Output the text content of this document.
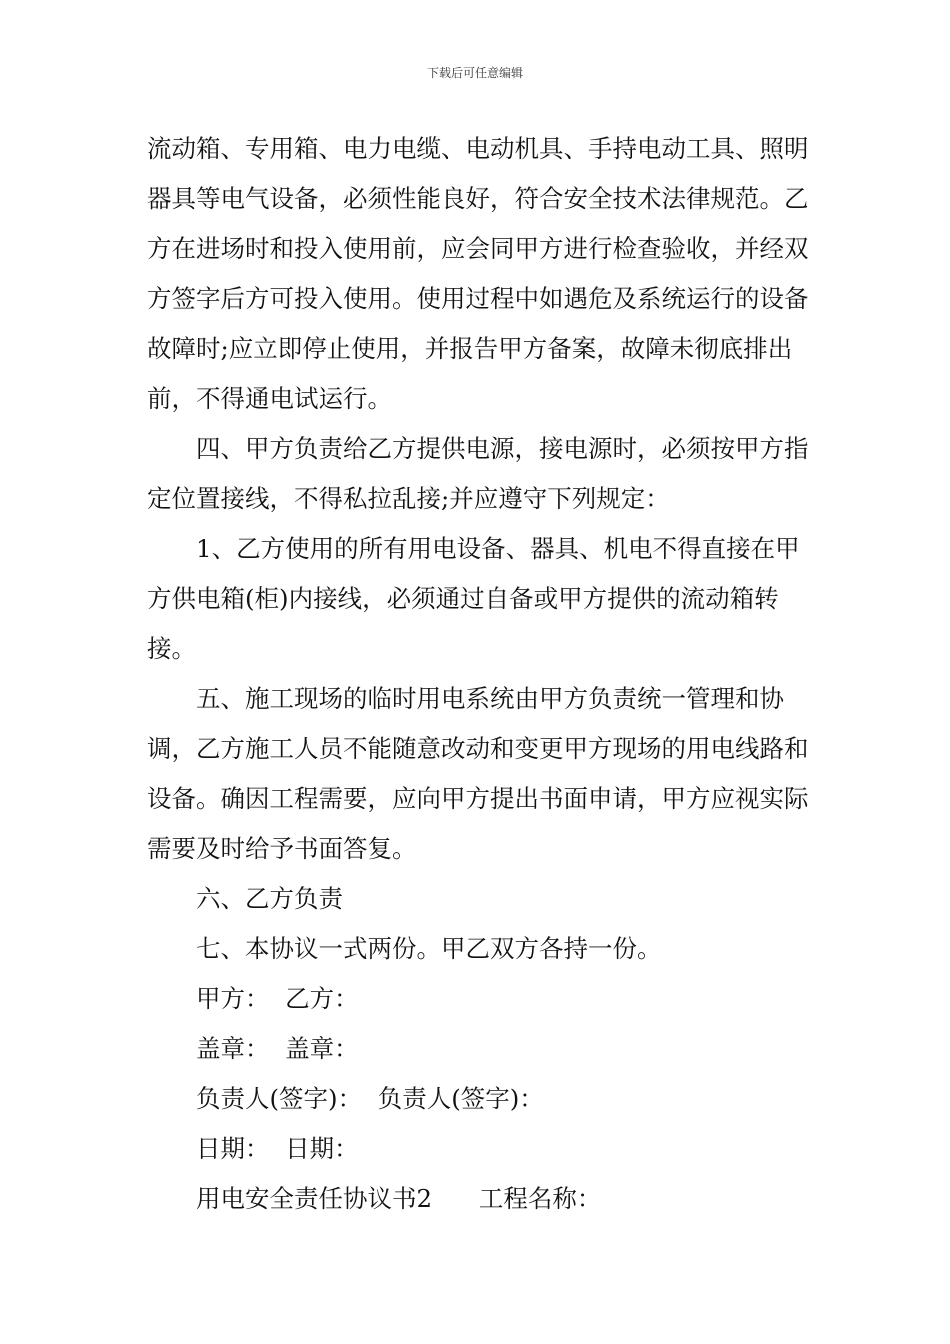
下载后可任意编辑

流动箱、专用箱、电力电缆、电动机具、手持电动工具、照明器具等电气设备，必须性能良好，符合安全技术法律规范。乙方在进场时和投入使用前，应会同甲方进行检查验收，并经双方签字后方可投入使用。使用过程中如遇危及系统运行的设备故障时;应立即停止使用，并报告甲方备案，故障未彻底排出前，不得通电试运行。

四、甲方负责给乙方提供电源，接电源时，必须按甲方指定位置接线，不得私拉乱接;并应遵守下列规定：

1、乙方使用的所有用电设备、器具、机电不得直接在甲方供电箱(柜)内接线，必须通过自备或甲方提供的流动箱转接。

五、施工现场的临时用电系统由甲方负责统一管理和协调，乙方施工人员不能随意改动和变更甲方现场的用电线路和设备。确因工程需要，应向甲方提出书面申请，甲方应视实际需要及时给予书面答复。

六、乙方负责

七、本协议一式两份。甲乙双方各持一份。

甲方：  乙方：

盖章：  盖章：

负责人(签字)：  负责人(签字)：

日期：  日期：

用电安全责任协议书2      工程名称：
